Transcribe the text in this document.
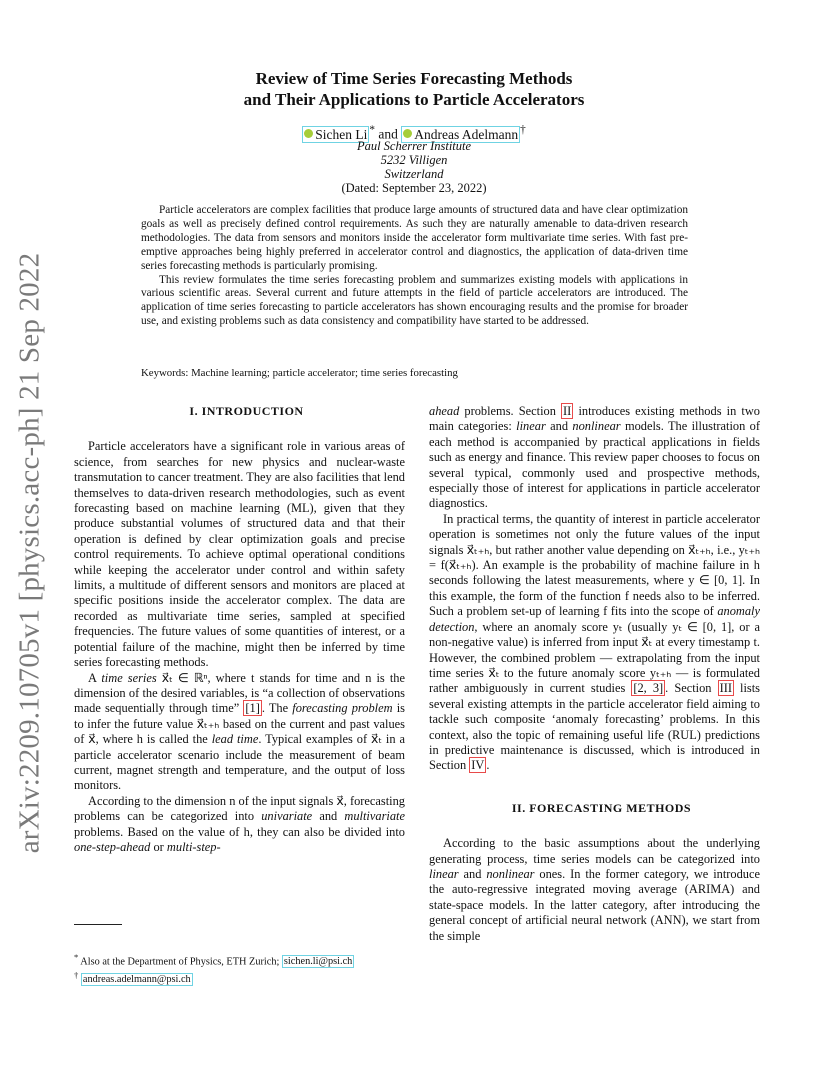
arXiv:2209.10705v1 [physics.acc-ph] 21 Sep 2022
Review of Time Series Forecasting Methods
and Their Applications to Particle Accelerators
Sichen Li * and Andreas Adelmann †
Paul Scherrer Institute
5232 Villigen
Switzerland
(Dated: September 23, 2022)

Particle accelerators are complex facilities that produce large amounts of structured data and have clear optimization goals as well as precisely defined control requirements. As such they are naturally amenable to data-driven research methodologies. The data from sensors and monitors inside the accelerator form multivariate time series. With fast pre-emptive approaches being highly preferred in accelerator control and diagnostics, the application of data-driven time series forecasting methods is particularly promising.

This review formulates the time series forecasting problem and summarizes existing models with applications in various scientific areas. Several current and future attempts in the field of particle accelerators are introduced. The application of time series forecasting to particle accelerators has shown encouraging results and the promise for broader use, and existing problems such as data consistency and compatibility have started to be addressed.

Keywords: Machine learning; particle accelerator; time series forecasting

I. INTRODUCTION

Particle accelerators have a significant role in various areas of science, from searches for new physics and nuclear-waste transmutation to cancer treatment. They are also facilities that lend themselves to data-driven research methodologies, such as event forecasting based on machine learning (ML), given that they produce substantial volumes of structured data and that their operation is defined by clear optimization goals and precise control requirements. To achieve optimal operational conditions while keeping the accelerator under control and within safety limits, a multitude of different sensors and monitors are placed at specific positions inside the accelerator complex. The data are recorded as multivariate time series, sampled at specified frequencies. The future values of some quantities of interest, or a potential failure of the machine, might then be inferred by time series forecasting methods.

A time series x⃗ₜ ∈ ℝⁿ, where t stands for time and n is the dimension of the desired variables, is “a collection of observations made sequentially through time” [1] . The forecasting problem is to infer the future value x⃗ₜ₊ₕ based on the current and past values of x⃗, where h is called the lead time. Typical examples of x⃗ₜ in a particle accelerator scenario include the measurement of beam current, magnet strength and temperature, and the output of loss monitors.

According to the dimension n of the input signals x⃗, forecasting problems can be categorized into univariate and multivariate problems. Based on the value of h, they can also be divided into one-step-ahead or multi-step-

ahead problems. Section II introduces existing methods in two main categories: linear and nonlinear models. The illustration of each method is accompanied by practical applications in fields such as energy and finance. This review paper chooses to focus on several typical, commonly used and prospective methods, especially those of interest for applications in particle accelerator diagnostics.

In practical terms, the quantity of interest in particle accelerator operation is sometimes not only the future values of the input signals x⃗ₜ₊ₕ, but rather another value depending on x⃗ₜ₊ₕ, i.e., yₜ₊ₕ = f(x⃗ₜ₊ₕ). An example is the probability of machine failure in h seconds following the latest measurements, where y ∈ [0, 1]. In this example, the form of the function f needs also to be inferred. Such a problem set-up of learning f fits into the scope of anomaly detection, where an anomaly score yₜ (usually yₜ ∈ [0, 1], or a non-negative value) is inferred from input x⃗ₜ at every timestamp t. However, the combined problem — extrapolating from the input time series x⃗ₜ to the future anomaly score yₜ₊ₕ — is formulated rather ambiguously in current studies [2, 3] . Section III lists several existing attempts in the particle accelerator field aiming to tackle such composite ‘anomaly forecasting’ problems. In this context, also the topic of remaining useful life (RUL) predictions in predictive maintenance is discussed, which is introduced in Section IV .

II. FORECASTING METHODS

According to the basic assumptions about the underlying generating process, time series models can be categorized into linear and nonlinear ones. In the former category, we introduce the auto-regressive integrated moving average (ARIMA) and state-space models. In the latter category, after introducing the general concept of artificial neural network (ANN), we start from the simple

* Also at the Department of Physics, ETH Zurich; sichen.li@psi.ch
† andreas.adelmann@psi.ch
